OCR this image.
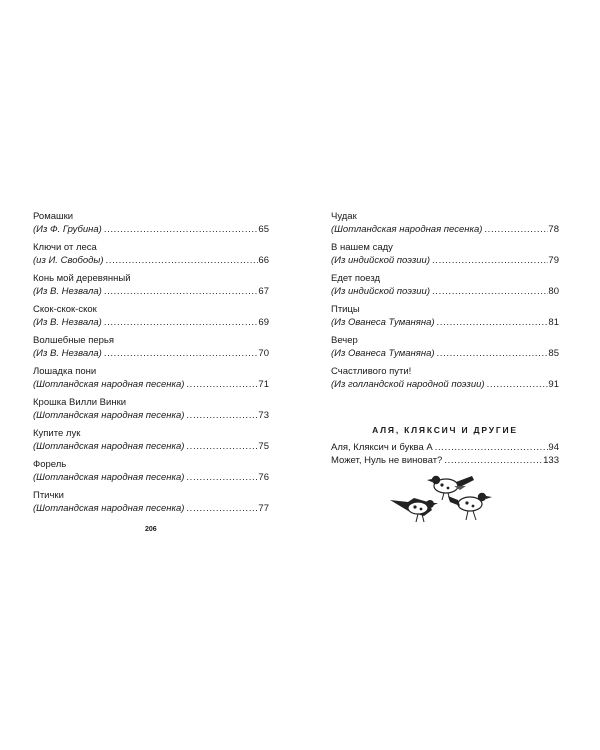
Ромашки
(Из Ф. Грубина) . . .	65
Ключи от леса
(из И. Свободы) . . .	66
Конь мой деревянный
(Из В. Незвала) . . .	67
Скок-скок-скок
(Из В. Незвала) . . .	69
Волшебные перья
(Из В. Незвала) . . .	70
Лошадка пони
(Шотландская народная песенка) . . .	71
Крошка Вилли Винки
(Шотландская народная песенка) . . .	73
Купите лук
(Шотландская народная песенка) . . .	75
Форель
(Шотландская народная песенка) . . .	76
Птички
(Шотландская народная песенка) . . .	77
206
Чудак
(Шотландская народная песенка) . . .	78
В нашем саду
(Из индийской поэзии) . . .	79
Едет поезд
(Из индийской поэзии) . . .	80
Птицы
(Из Ованеса Туманяна) . . .	81
Вечер
(Из Ованеса Туманяна) . . .	85
Счастливого пути!
(Из голландской народной поэзии) . . .	91
АЛЯ, КЛЯКСИЧ И ДРУГИЕ
Аля, Кляксич и буква А . . .	94
Может, Нуль не виноват? . . .	133
